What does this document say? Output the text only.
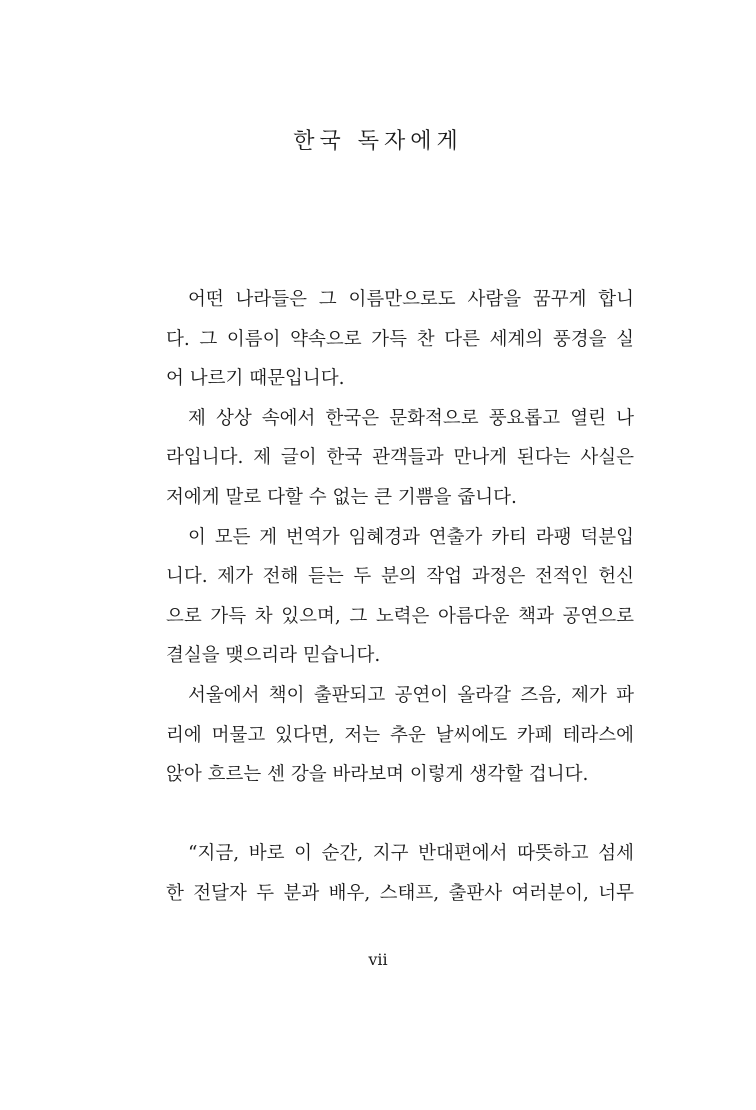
한국 독자에게
어떤 나라들은 그 이름만으로도 사람을 꿈꾸게 합니
다. 그 이름이 약속으로 가득 찬 다른 세계의 풍경을 실
어 나르기 때문입니다.
제 상상 속에서 한국은 문화적으로 풍요롭고 열린 나
라입니다. 제 글이 한국 관객들과 만나게 된다는 사실은
저에게 말로 다할 수 없는 큰 기쁨을 줍니다.
이 모든 게 번역가 임혜경과 연출가 카티 라팽 덕분입
니다. 제가 전해 듣는 두 분의 작업 과정은 전적인 헌신
으로 가득 차 있으며, 그 노력은 아름다운 책과 공연으로
결실을 맺으리라 믿습니다.
서울에서 책이 출판되고 공연이 올라갈 즈음, 제가 파
리에 머물고 있다면, 저는 추운 날씨에도 카페 테라스에
앉아 흐르는 센 강을 바라보며 이렇게 생각할 겁니다.
“지금, 바로 이 순간, 지구 반대편에서 따뜻하고 섬세
한 전달자 두 분과 배우, 스태프, 출판사 여러분이, 너무
vii
